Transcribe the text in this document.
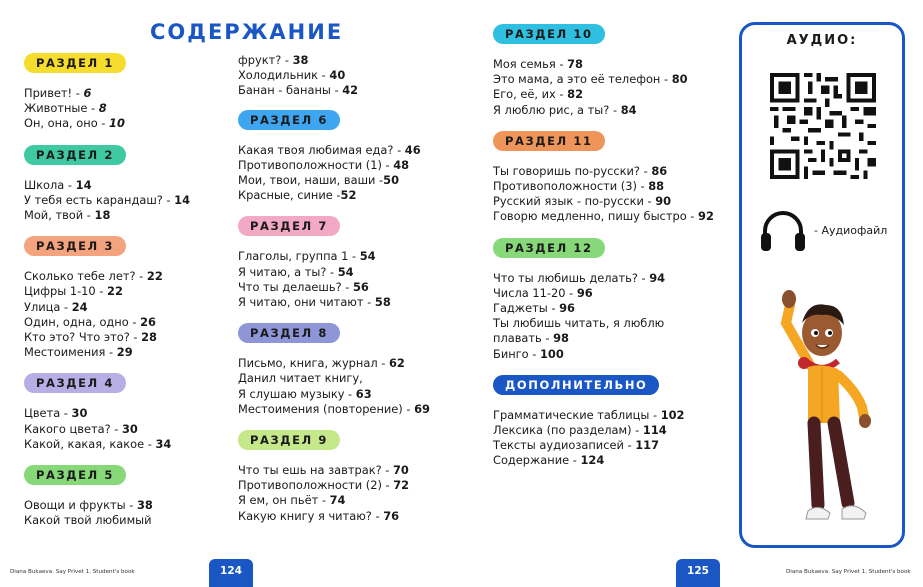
СОДЕРЖАНИЕ
РАЗДЕЛ 1
Привет! - 6
Животные - 8
Он, она, оно - 10
РАЗДЕЛ 2
Школа - 14
У тебя есть карандаш? - 14
Мой, твой - 18
РАЗДЕЛ 3
Сколько тебе лет? - 22
Цифры 1-10 - 22
Улица - 24
Один, одна, одно - 26
Кто это? Что это? - 28
Местоимения - 29
РАЗДЕЛ 4
Цвета - 30
Какого цвета? - 30
Какой, какая, какое - 34
РАЗДЕЛ 5
Овощи и фрукты - 38
Какой твой любимый
фрукт? - 38
Холодильник - 40
Банан - бананы - 42
РАЗДЕЛ 6
Какая твоя любимая еда? - 46
Противоположности (1) - 48
Мои, твои, наши, ваши -50
Красные, синие -52
РАЗДЕЛ 7
Глаголы, группа 1 - 54
Я читаю, а ты? - 54
Что ты делаешь? - 56
Я читаю, они читают - 58
РАЗДЕЛ 8
Письмо, книга, журнал - 62
Данил читает книгу,
Я слушаю музыку - 63
Местоимения (повторение) - 69
РАЗДЕЛ 9
Что ты ешь на завтрак? - 70
Противоположности (2) - 72
Я ем, он пьёт - 74
Какую книгу я читаю? - 76
РАЗДЕЛ 10
Моя семья - 78
Это мама, а это её телефон - 80
Его, её, их - 82
Я люблю рис, а ты? - 84
РАЗДЕЛ 11
Ты говоришь по-русски? - 86
Противоположности (3) - 88
Русский язык - по-русски - 90
Говорю медленно, пишу быстро - 92
РАЗДЕЛ 12
Что ты любишь делать? - 94
Числа 11-20 - 96
Гаджеты - 96
Ты любишь читать, я люблю
плавать - 98
Бинго - 100
ДОПОЛНИТЕЛЬНО
Грамматические таблицы - 102
Лексика (по разделам) - 114
Тексты аудиозаписей - 117
Содержание - 124
АУДИО:
- Аудиофайл
Diana Bukaeva. Say Privet 1. Student's book	124	125	Diana Bukaeva. Say Privet 1. Student's book
